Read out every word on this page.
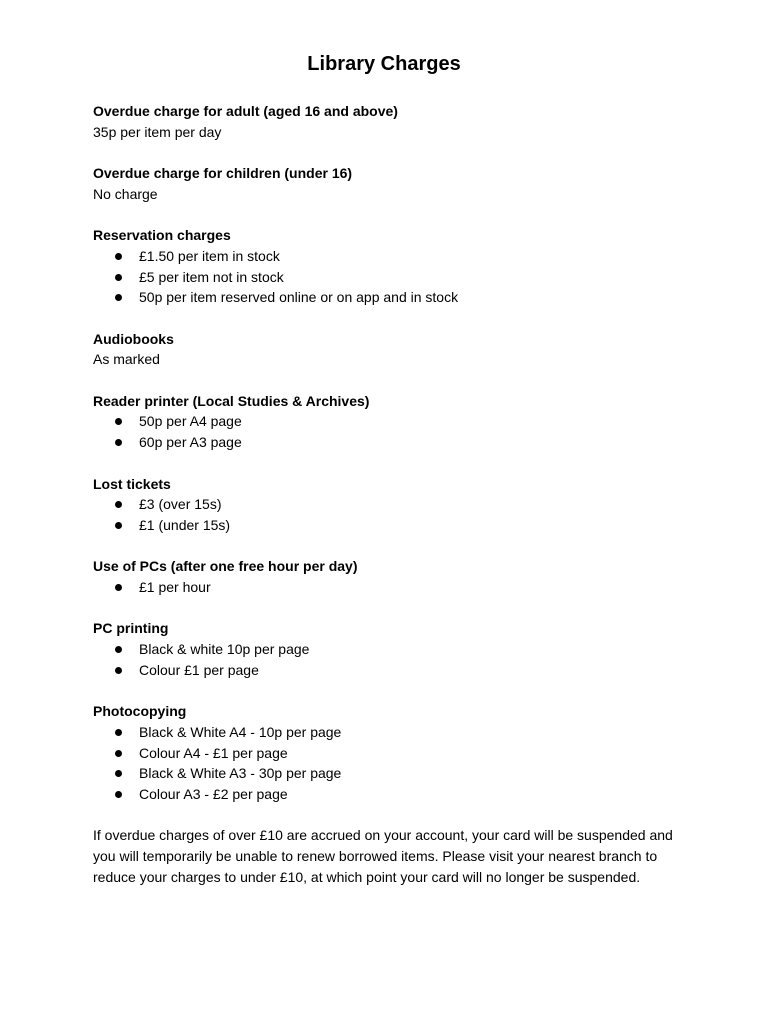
Library Charges

Overdue charge for adult (aged 16 and above)

35p per item per day

Overdue charge for children (under 16)

No charge

Reservation charges

£1.50 per item in stock
£5 per item not in stock
50p per item reserved online or on app and in stock

Audiobooks

As marked

Reader printer (Local Studies & Archives)

50p per A4 page
60p per A3 page

Lost tickets

£3 (over 15s)
£1 (under 15s)

Use of PCs (after one free hour per day)

£1 per hour

PC printing

Black & white 10p per page
Colour £1 per page

Photocopying

Black & White A4 - 10p per page
Colour A4 - £1 per page
Black & White A3 - 30p per page
Colour A3 - £2 per page

If overdue charges of over £10 are accrued on your account, your card will be suspended and you will temporarily be unable to renew borrowed items. Please visit your nearest branch to reduce your charges to under £10, at which point your card will no longer be suspended.
